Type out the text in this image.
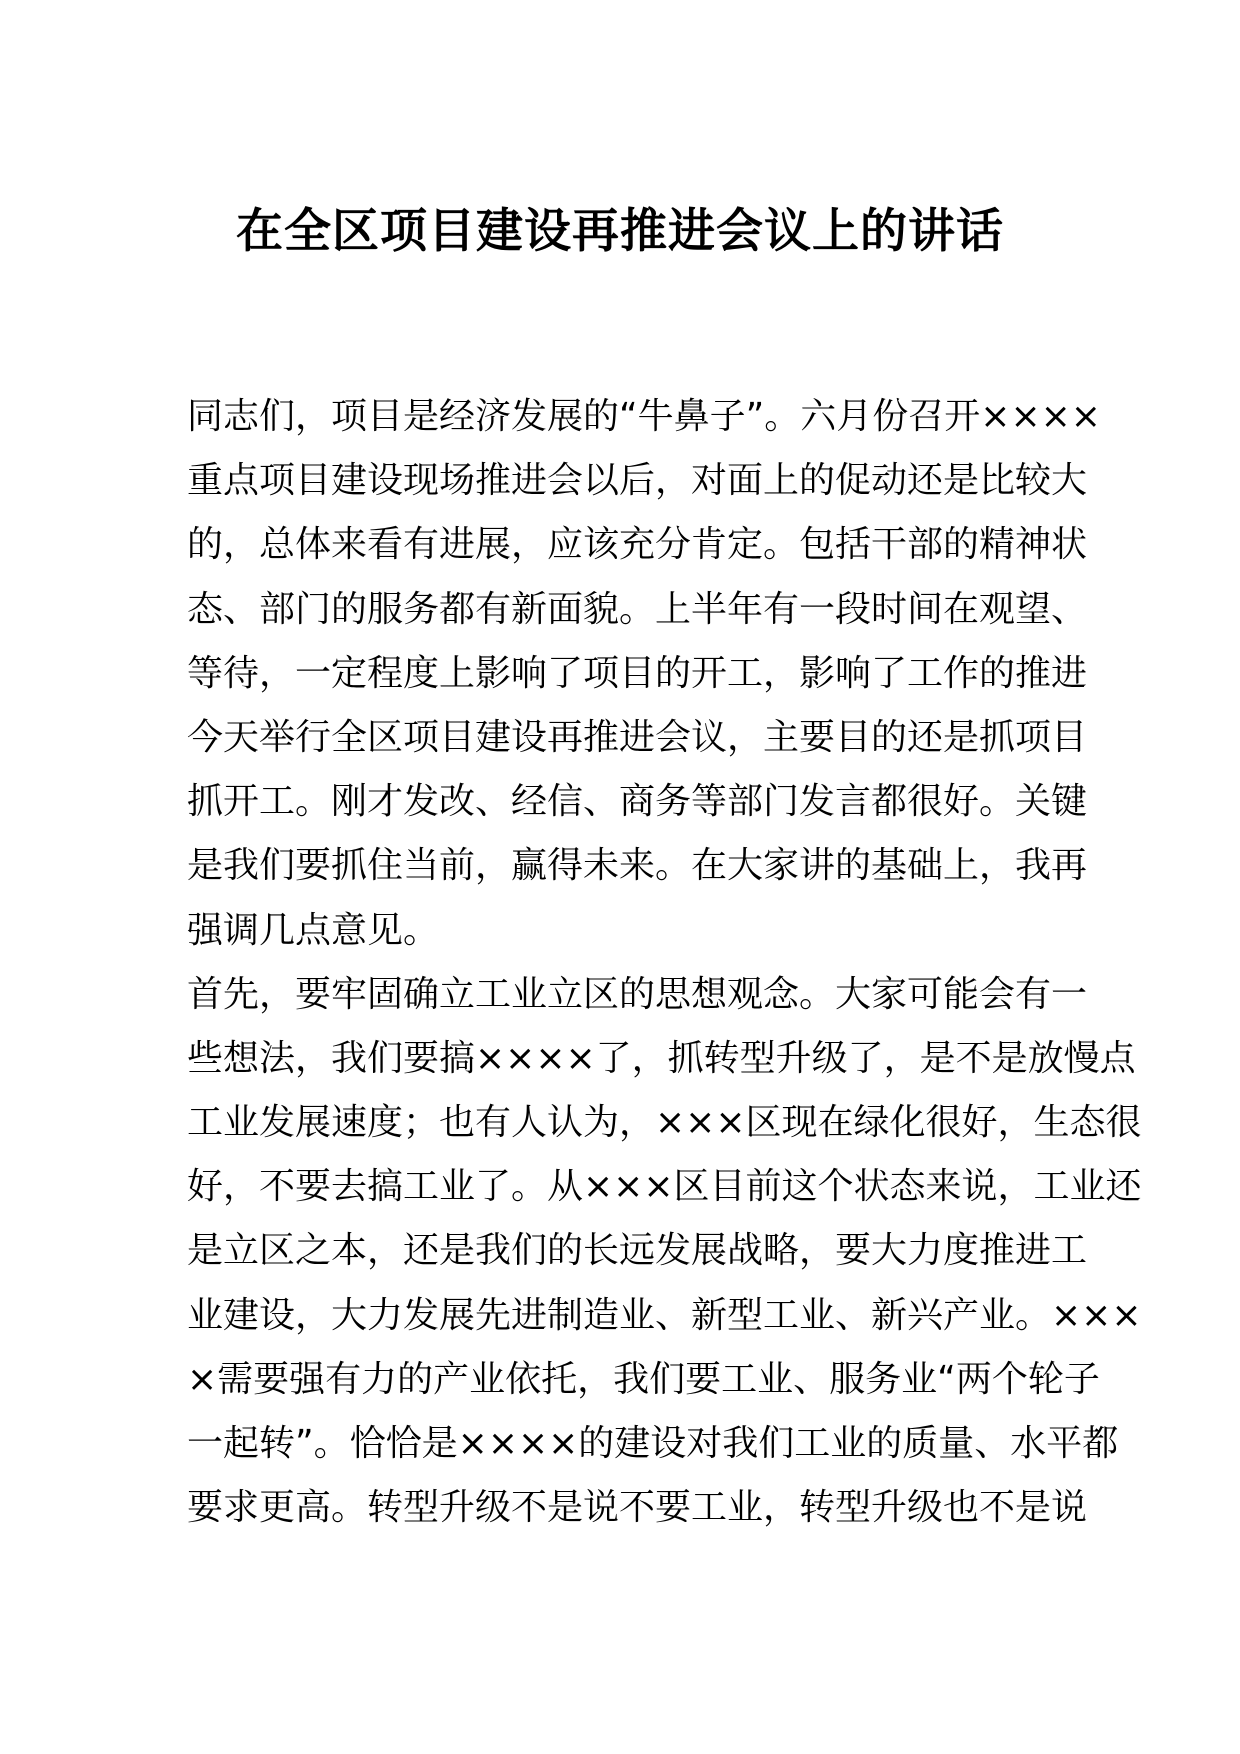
在全区项目建设再推进会议上的讲话
同志们，项目是经济发展的“牛鼻子”。六月份召开××××
重点项目建设现场推进会以后，对面上的促动还是比较大
的，总体来看有进展，应该充分肯定。包括干部的精神状
态、部门的服务都有新面貌。上半年有一段时间在观望、
等待，一定程度上影响了项目的开工，影响了工作的推进
今天举行全区项目建设再推进会议，主要目的还是抓项目
抓开工。刚才发改、经信、商务等部门发言都很好。关键
是我们要抓住当前，赢得未来。在大家讲的基础上，我再
强调几点意见。
首先，要牢固确立工业立区的思想观念。大家可能会有一
些想法，我们要搞××××了，抓转型升级了，是不是放慢点
工业发展速度；也有人认为，×××区现在绿化很好，生态很
好，不要去搞工业了。从×××区目前这个状态来说，工业还
是立区之本，还是我们的长远发展战略，要大力度推进工
业建设，大力发展先进制造业、新型工业、新兴产业。×××
×需要强有力的产业依托，我们要工业、服务业“两个轮子
一起转”。恰恰是××××的建设对我们工业的质量、水平都
要求更高。转型升级不是说不要工业，转型升级也不是说
